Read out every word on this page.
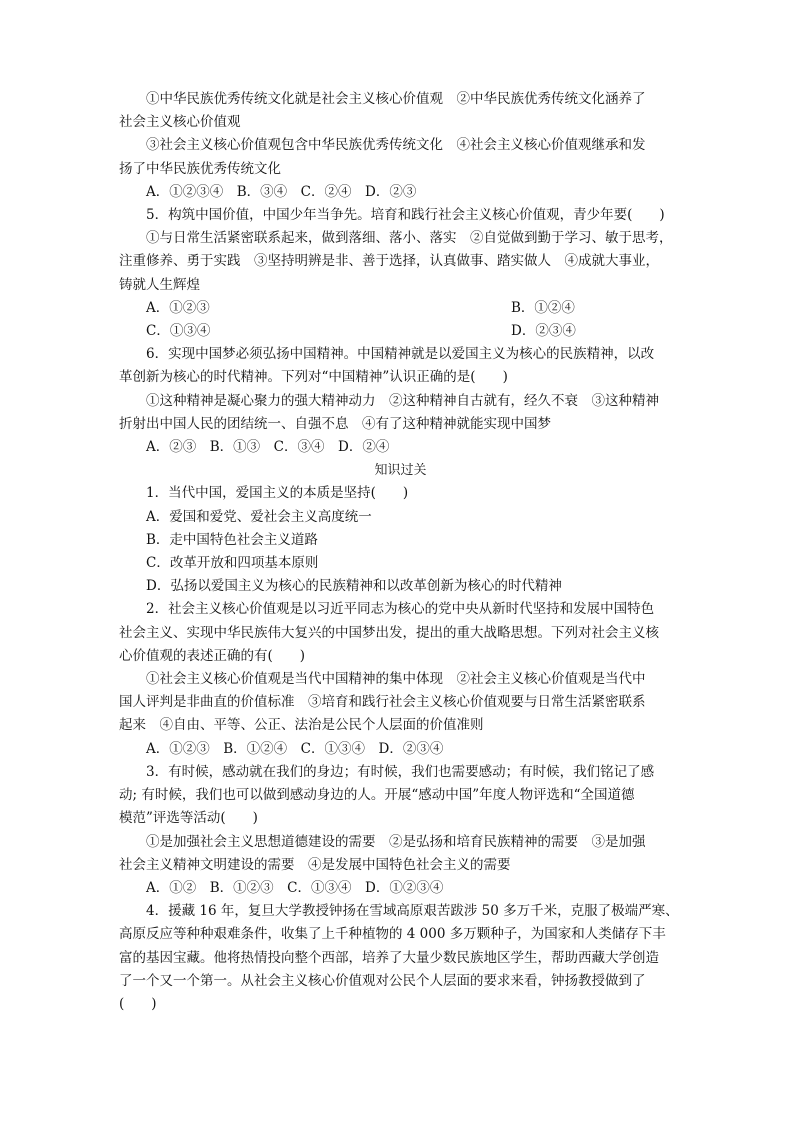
①中华民族优秀传统文化就是社会主义核心价值观　②中华民族优秀传统文化涵养了
社会主义核心价值观
③社会主义核心价值观包含中华民族优秀传统文化　④社会主义核心价值观继承和发
扬了中华民族优秀传统文化
A．①②③④　B．③④　C．②④　D．②③
5．构筑中国价值，中国少年当争先。培育和践行社会主义核心价值观，青少年要(　　)
①与日常生活紧密联系起来，做到落细、落小、落实　②自觉做到勤于学习、敏于思考，
注重修养、勇于实践　③坚持明辨是非、善于选择，认真做事、踏实做人　④成就大事业，
铸就人生辉煌
A．①②③	B．①②④
C．①③④	D．②③④
6．实现中国梦必须弘扬中国精神。中国精神就是以爱国主义为核心的民族精神，以改
革创新为核心的时代精神。下列对“中国精神”认识正确的是(　　)
①这种精神是凝心聚力的强大精神动力　②这种精神自古就有，经久不衰　③这种精神
折射出中国人民的团结统一、自强不息　④有了这种精神就能实现中国梦
A．②③　B．①③　C．③④　D．②④
知识过关
1．当代中国，爱国主义的本质是坚持(　　)
A．爱国和爱党、爱社会主义高度统一
B．走中国特色社会主义道路
C．改革开放和四项基本原则
D．弘扬以爱国主义为核心的民族精神和以改革创新为核心的时代精神
2．社会主义核心价值观是以习近平同志为核心的党中央从新时代坚持和发展中国特色
社会主义、实现中华民族伟大复兴的中国梦出发，提出的重大战略思想。下列对社会主义核
心价值观的表述正确的有(　　)
①社会主义核心价值观是当代中国精神的集中体现　②社会主义核心价值观是当代中
国人评判是非曲直的价值标准　③培育和践行社会主义核心价值观要与日常生活紧密联系
起来　④自由、平等、公正、法治是公民个人层面的价值准则
A．①②③　B．①②④　C．①③④　D．②③④
3．有时候，感动就在我们的身边；有时候，我们也需要感动；有时候，我们铭记了感
动; 有时候，我们也可以做到感动身边的人。开展“感动中国”年度人物评选和“全国道德
模范”评选等活动(　　)
①是加强社会主义思想道德建设的需要　②是弘扬和培育民族精神的需要　③是加强
社会主义精神文明建设的需要　④是发展中国特色社会主义的需要
A．①②　B．①②③　C．①③④　D．①②③④
4．援藏 16 年，复旦大学教授钟扬在雪域高原艰苦跋涉 50 多万千米，克服了极端严寒、
高原反应等种种艰难条件，收集了上千种植物的 4 000 多万颗种子，为国家和人类储存下丰
富的基因宝藏。他将热情投向整个西部，培养了大量少数民族地区学生，帮助西藏大学创造
了一个又一个第一。从社会主义核心价值观对公民个人层面的要求来看，钟扬教授做到了
(　　)
